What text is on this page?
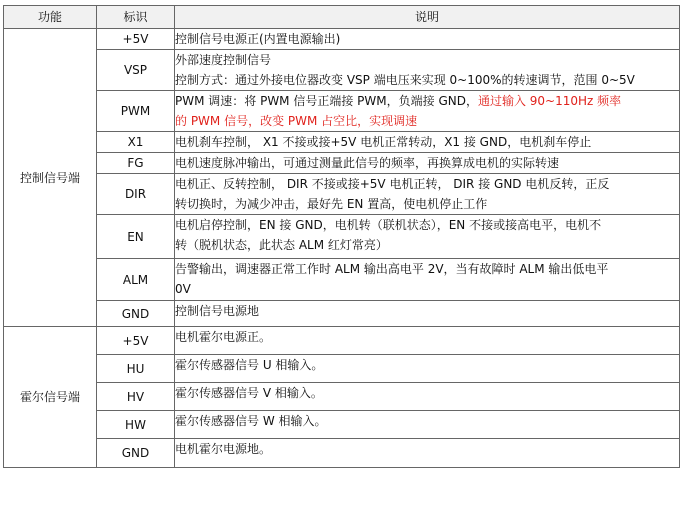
功能	标识	说明
控制信号端	+5V	控制信号电源正(内置电源输出)

	VSP	外部速度控制信号
控制方式：通过外接电位器改变 VSP 端电压来实现 0~100%的转速调节，范围 0~5V

	PWM	PWM 调速：将 PWM 信号正端接 PWM，负端接 GND，通过输入 90~110Hz 频率
的 PWM 信号，改变 PWM 占空比，实现调速

	X1	电机刹车控制， X1 不接或接+5V 电机正常转动，X1 接 GND，电机刹车停止

	FG	电机速度脉冲输出，可通过测量此信号的频率，再换算成电机的实际转速

	DIR	电机正、反转控制， DIR 不接或接+5V 电机正转， DIR 接 GND 电机反转，正反
转切换时，为减少冲击，最好先 EN 置高，使电机停止工作

	EN	电机启停控制，EN 接 GND，电机转（联机状态），EN 不接或接高电平，电机不
转（脱机状态，此状态 ALM 红灯常亮）

	ALM	告警输出，调速器正常工作时 ALM 输出高电平 2V，当有故障时 ALM 输出低电平
0V

	GND	控制信号电源地

霍尔信号端	+5V	电机霍尔电源正。

	HU	霍尔传感器信号 U 相输入。

	HV	霍尔传感器信号 V 相输入。

	HW	霍尔传感器信号 W 相输入。

	GND	电机霍尔电源地。
